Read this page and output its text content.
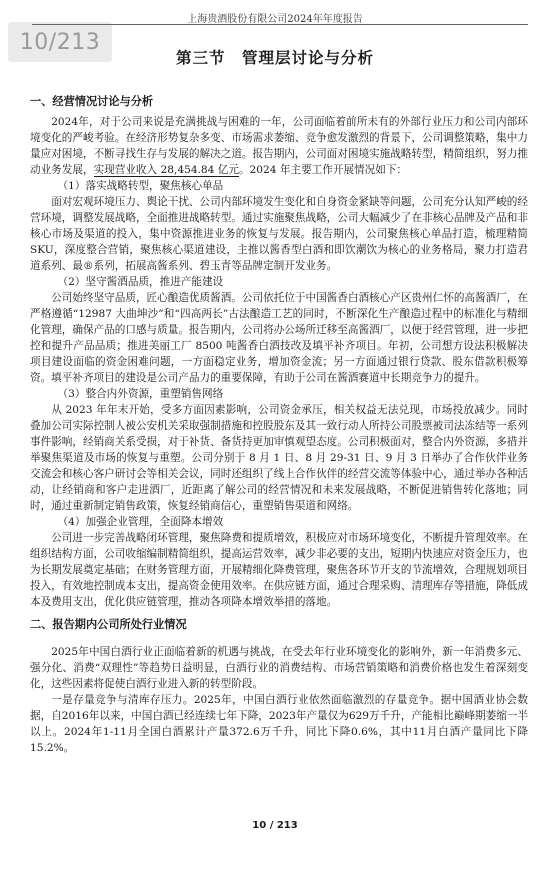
10/213
上海贵酒股份有限公司2024年年度报告
第三节　管理层讨论与分析
一、经营情况讨论与分析

2024年，对于公司来说是充满挑战与困难的一年，公司面临着前所未有的外部行业压力和公司内部环境变化的严峻考验。在经济形势复杂多变、市场需求萎缩、竞争愈发激烈的背景下，公司调整策略，集中力量应对困境，不断寻找生存与发展的解决之道。报告期内，公司面对困境实施战略转型，精简组织，努力推动业务发展，实现营业收入 28,454.84 亿元。2024 年主要工作开展情况如下：

（1）落实战略转型，聚焦核心单品

面对宏观环境压力、舆论干扰、公司内部环境发生变化和自身资金紧缺等问题，公司充分认知严峻的经营环境，调整发展战略，全面推进战略转型。通过实施聚焦战略，公司大幅减少了在非核心品牌及产品和非核心市场及渠道的投入，集中资源推进业务的恢复与发展。报告期内，公司聚焦核心单品打造，梳理精简 SKU，深度整合营销，聚焦核心渠道建设，主推以酱香型白酒和即饮潮饮为核心的业务格局，聚力打造君道系列、最®系列，拓展高酱系列、碧玉青等品牌定制开发业务。

（2）坚守酱酒品质，推进产能建设

公司始终坚守品质，匠心酿造优质酱酒。公司依托位于中国酱香白酒核心产区贵州仁怀的高酱酒厂，在严格遵循“12987 大曲坤沙”和“四高两长”古法酿造工艺的同时，不断深化生产酿造过程中的标准化与精细化管理，确保产品的口感与质量。报告期内，公司将办公场所迁移至高酱酒厂，以便于经营管理，进一步把控和提升产品品质；推进美丽工厂 8500 吨酱香白酒技改及填平补齐项目。年初，公司想方设法积极解决项目建设面临的资金困难问题，一方面稳定业务，增加资金流；另一方面通过银行贷款、股东借款积极筹资。填平补齐项目的建设是公司产品力的重要保障，有助于公司在酱酒赛道中长期竞争力的提升。

（3）整合内外资源，重塑销售网络

从 2023 年年末开始，受多方面因素影响，公司资金承压，相关权益无法兑现，市场投放减少。同时叠加公司实际控制人被公安机关采取强制措施和控股股东及其一致行动人所持公司股票被司法冻结等一系列事件影响，经销商关系受损，对于补货、备货持更加审慎观望态度。公司积极面对，整合内外资源，多措并举聚焦渠道及市场的恢复与重塑。公司分别于 8 月 1 日、8 月 29-31 日、9 月 3 日举办了合作伙伴业务交流会和核心客户研讨会等相关会议，同时还组织了线上合作伙伴的经营交流等体验中心，通过举办各种活动，让经销商和客户走进酒厂，近距离了解公司的经营情况和未来发展战略，不断促进销售转化落地；同时，通过重新制定销售政策，恢复经销商信心，重塑销售渠道和网络。

（4）加强企业管理，全面降本增效

公司进一步完善战略闭环管理，聚焦降费和提质增效，积极应对市场环境变化，不断提升管理效率。在组织结构方面，公司收缩编制精简组织，提高运营效率，减少非必要的支出，短期内快速应对资金压力，也为长期发展奠定基础；在财务管理方面，开展精细化降费管理，聚焦各环节开支的节流增效，合理规划项目投入，有效地控制成本支出，提高资金使用效率。在供应链方面，通过合理采购、清理库存等措施，降低成本及费用支出，优化供应链管理，推动各项降本增效举措的落地。

二、报告期内公司所处行业情况

2025年中国白酒行业正面临着新的机遇与挑战，在受去年行业环境变化的影响外，新一年消费多元、强分化、消费“双理性”等趋势日益明显，白酒行业的消费结构、市场营销策略和消费价格也发生着深刻变化，这些因素将促使白酒行业进入新的转型阶段。

一是存量竞争与清库存压力。2025年，中国白酒行业依然面临激烈的存量竞争。据中国酒业协会数据，自2016年以来，中国白酒已经连续七年下降，2023年产量仅为629万千升，产能相比巅峰期萎缩一半以上。2024年1-11月全国白酒累计产量372.6万千升，同比下降0.6%，其中11月白酒产量同比下降15.2%。

10 / 213
